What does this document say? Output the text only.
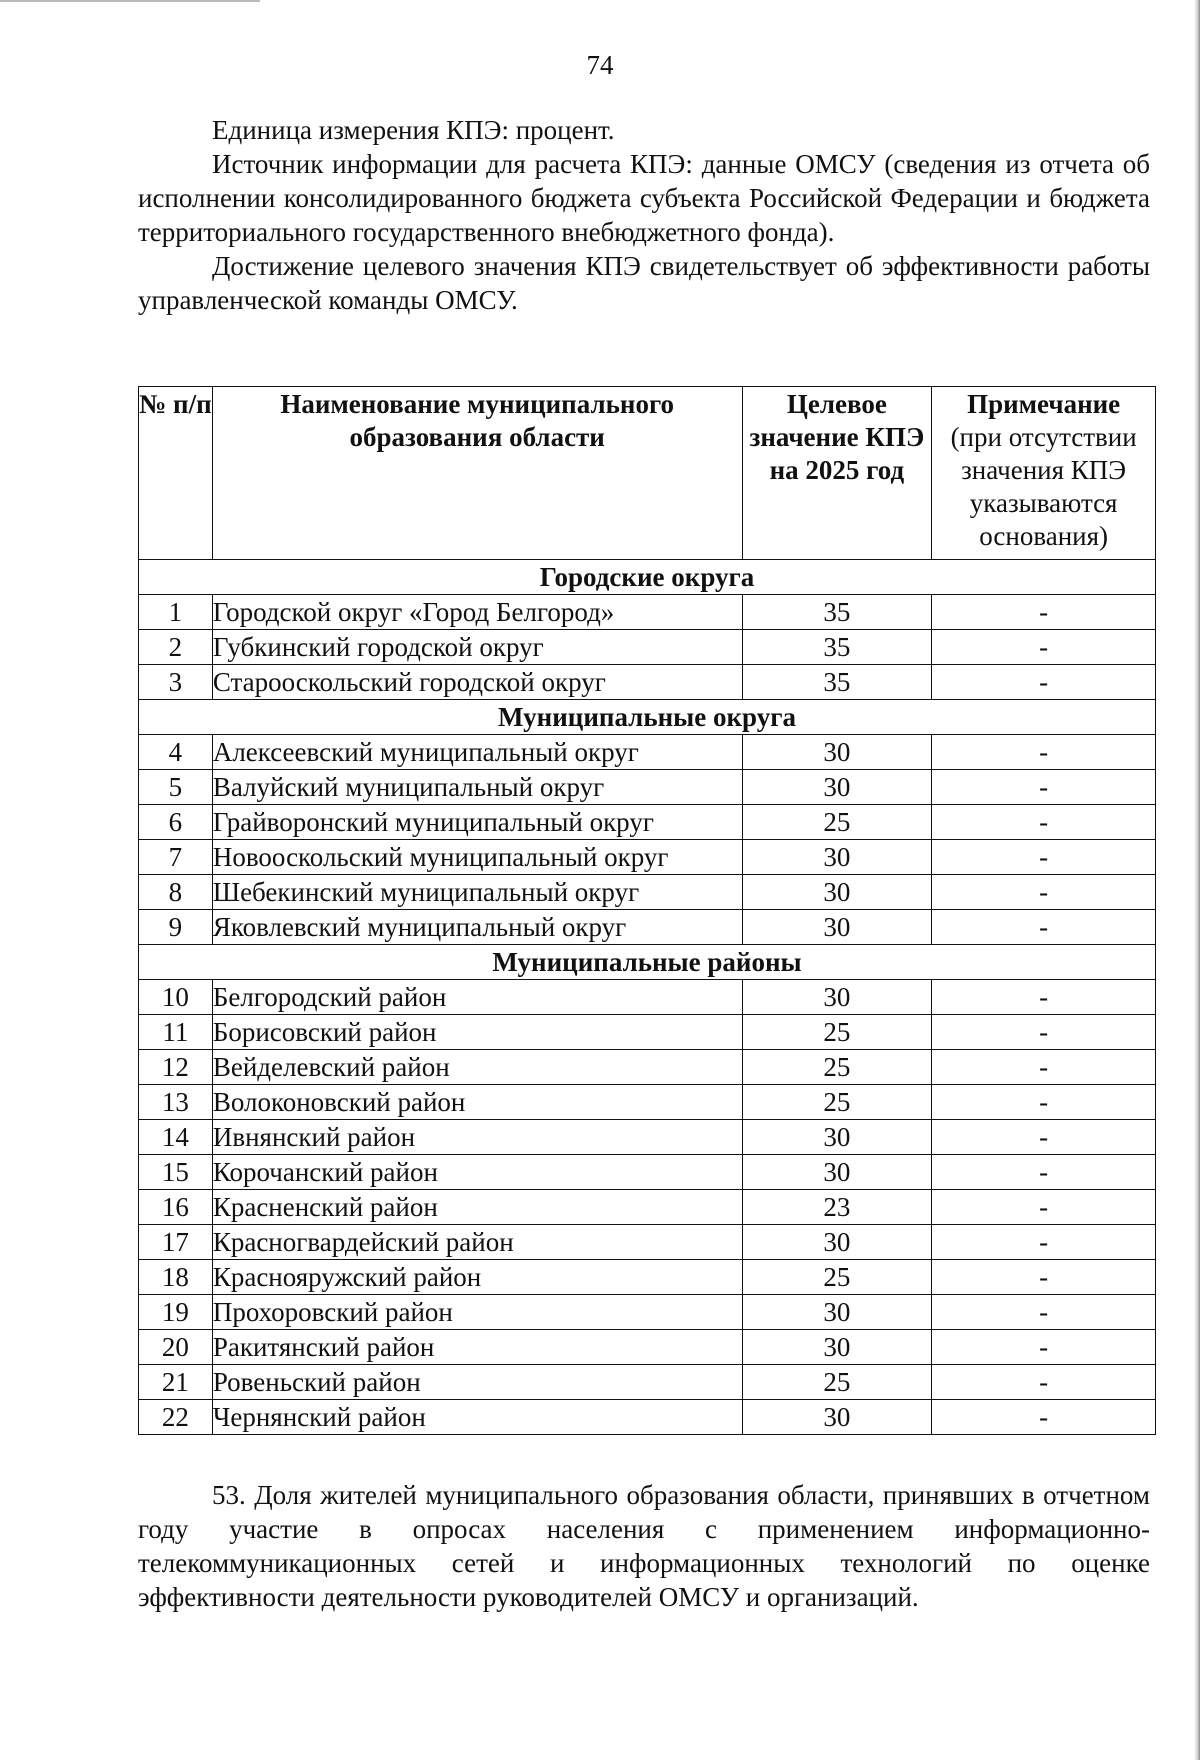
74

Единица измерения КПЭ: процент.

Источник информации для расчета КПЭ: данные ОМСУ (сведения из отчета об исполнении консолидированного бюджета субъекта Российской Федерации и бюджета территориального государственного внебюджетного фонда).

Достижение целевого значения КПЭ свидетельствует об эффективности работы управленческой команды ОМСУ.

№ п/п	Наименование муниципального образования области	Целевое значение КПЭ на 2025 год	Примечание
(при отсутствии значения КПЭ указываются основания)
Городские округа			
1	Городской округ «Город Белгород»	35	-
2	Губкинский городской округ	35	-
3	Старооскольский городской округ	35	-
Муниципальные округа			
4	Алексеевский муниципальный округ	30	-
5	Валуйский муниципальный округ	30	-
6	Грайворонский муниципальный округ	25	-
7	Новооскольский муниципальный округ	30	-
8	Шебекинский муниципальный округ	30	-
9	Яковлевский муниципальный округ	30	-
Муниципальные районы			
10	Белгородский район	30	-
11	Борисовский район	25	-
12	Вейделевский район	25	-
13	Волоконовский район	25	-
14	Ивнянский район	30	-
15	Корочанский район	30	-
16	Красненский район	23	-
17	Красногвардейский район	30	-
18	Краснояружский район	25	-
19	Прохоровский район	30	-
20	Ракитянский район	30	-
21	Ровеньский район	25	-
22	Чернянский район	30	-

53. Доля жителей муниципального образования области, принявших в отчетном году участие в опросах населения с применением информационно-телекоммуникационных сетей и информационных технологий по оценке эффективности деятельности руководителей ОМСУ и организаций.
